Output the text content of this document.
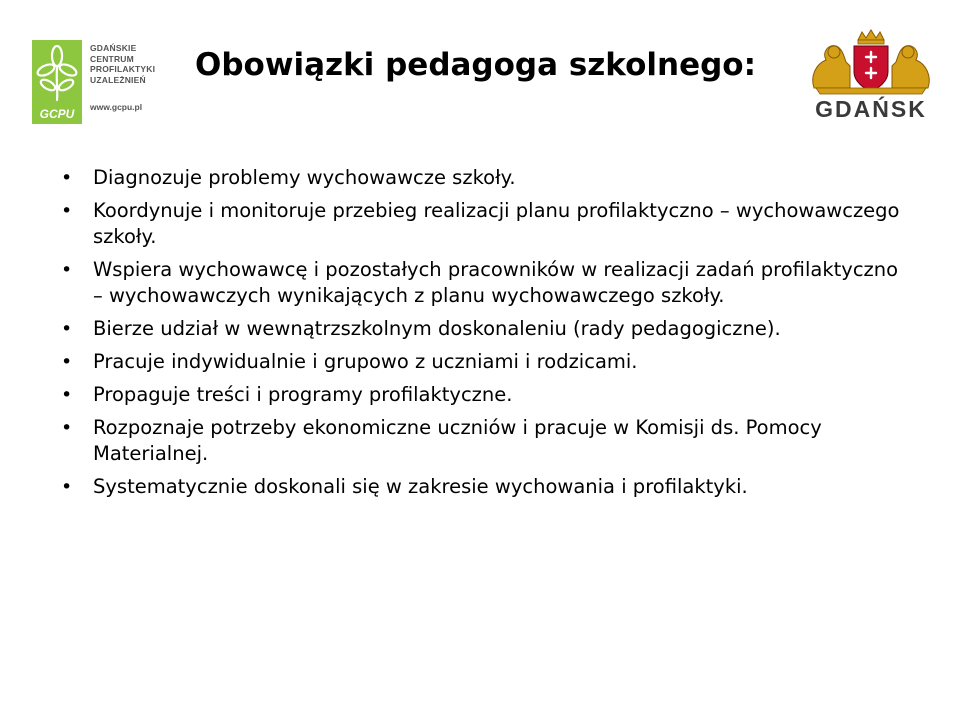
GCPU
GDAŃSKIE
CENTRUM
PROFILAKTYKI
UZALEŻNIEŃ
www.gcpu.pl
Obowiązki pedagoga szkolnego:
GDAŃSK
• Diagnozuje problemy wychowawcze szkoły.
• Koordynuje i monitoruje przebieg realizacji planu profilaktyczno – wychowawczego szkoły.
• Wspiera wychowawcę i pozostałych pracowników w realizacji zadań profilaktyczno – wychowawczych wynikających z planu wychowawczego szkoły.
• Bierze udział w wewnątrzszkolnym doskonaleniu (rady pedagogiczne).
• Pracuje indywidualnie i grupowo z uczniami i rodzicami.
• Propaguje treści i programy profilaktyczne.
• Rozpoznaje potrzeby ekonomiczne uczniów i pracuje w Komisji ds. Pomocy Materialnej.
• Systematycznie doskonali się w zakresie wychowania i profilaktyki.
